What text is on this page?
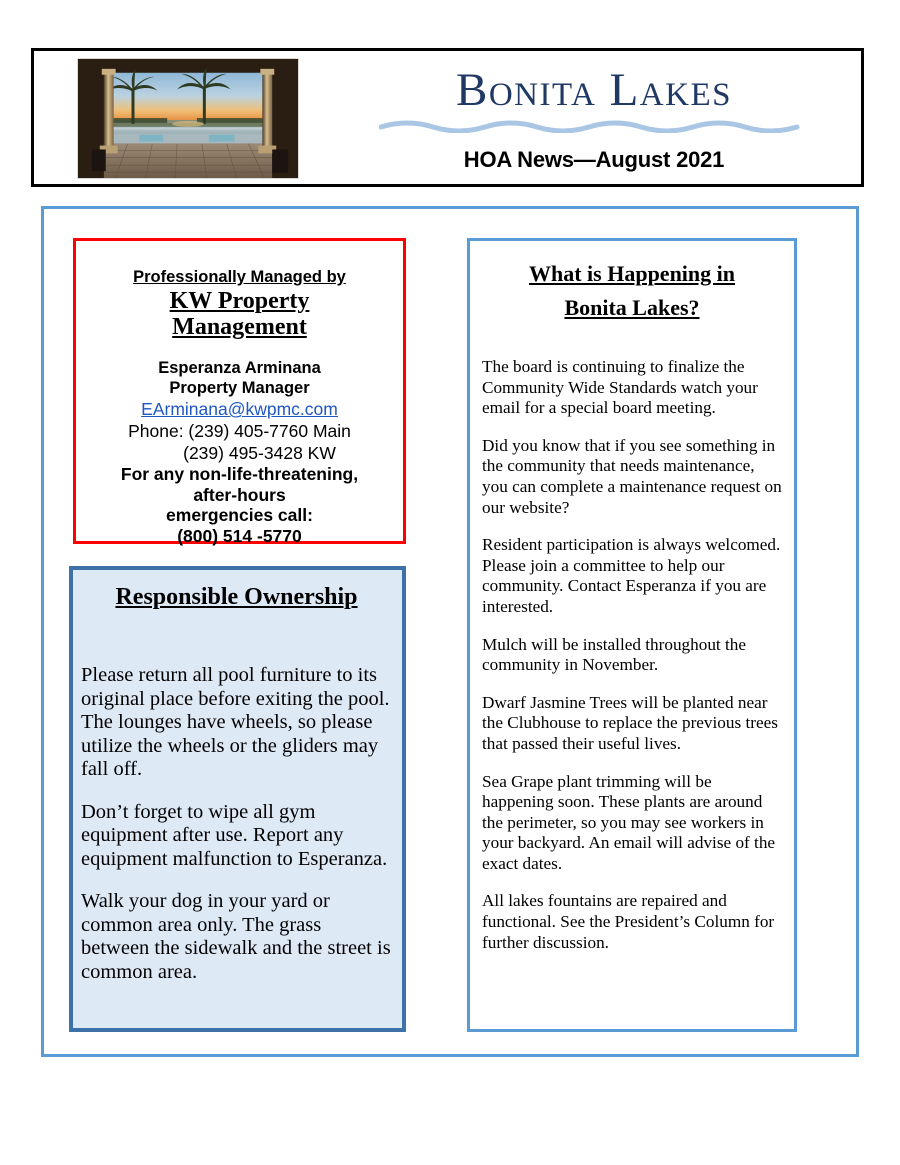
Bonita Lakes
HOA News—August 2021
Professionally Managed by
KW Property
Management
Esperanza Arminana
Property Manager
EArminana@kwpmc.com
Phone: (239) 405-7760 Main
(239) 495-3428 KW
For any non-life-threatening,
after-hours
emergencies call:
(800) 514 -5770
Responsible Ownership

Please return all pool furniture to its original place before exiting the pool. The lounges have wheels, so please utilize the wheels or the gliders may fall off.

Don’t forget to wipe all gym equipment after use. Report any equipment malfunction to Esperanza.

Walk your dog in your yard or common area only. The grass between the sidewalk and the street is common area.

What is Happening in
Bonita Lakes?

The board is continuing to finalize the Community Wide Standards watch your email for a special board meeting.

Did you know that if you see something in the community that needs maintenance, you can complete a maintenance request on our website?

Resident participation is always welcomed. Please join a committee to help our community. Contact Esperanza if you are interested.

Mulch will be installed throughout the community in November.

Dwarf Jasmine Trees will be planted near the Clubhouse to replace the previous trees that passed their useful lives.

Sea Grape plant trimming will be happening soon. These plants are around the perimeter, so you may see workers in your backyard. An email will advise of the exact dates.

All lakes fountains are repaired and functional. See the President’s Column for further discussion.
